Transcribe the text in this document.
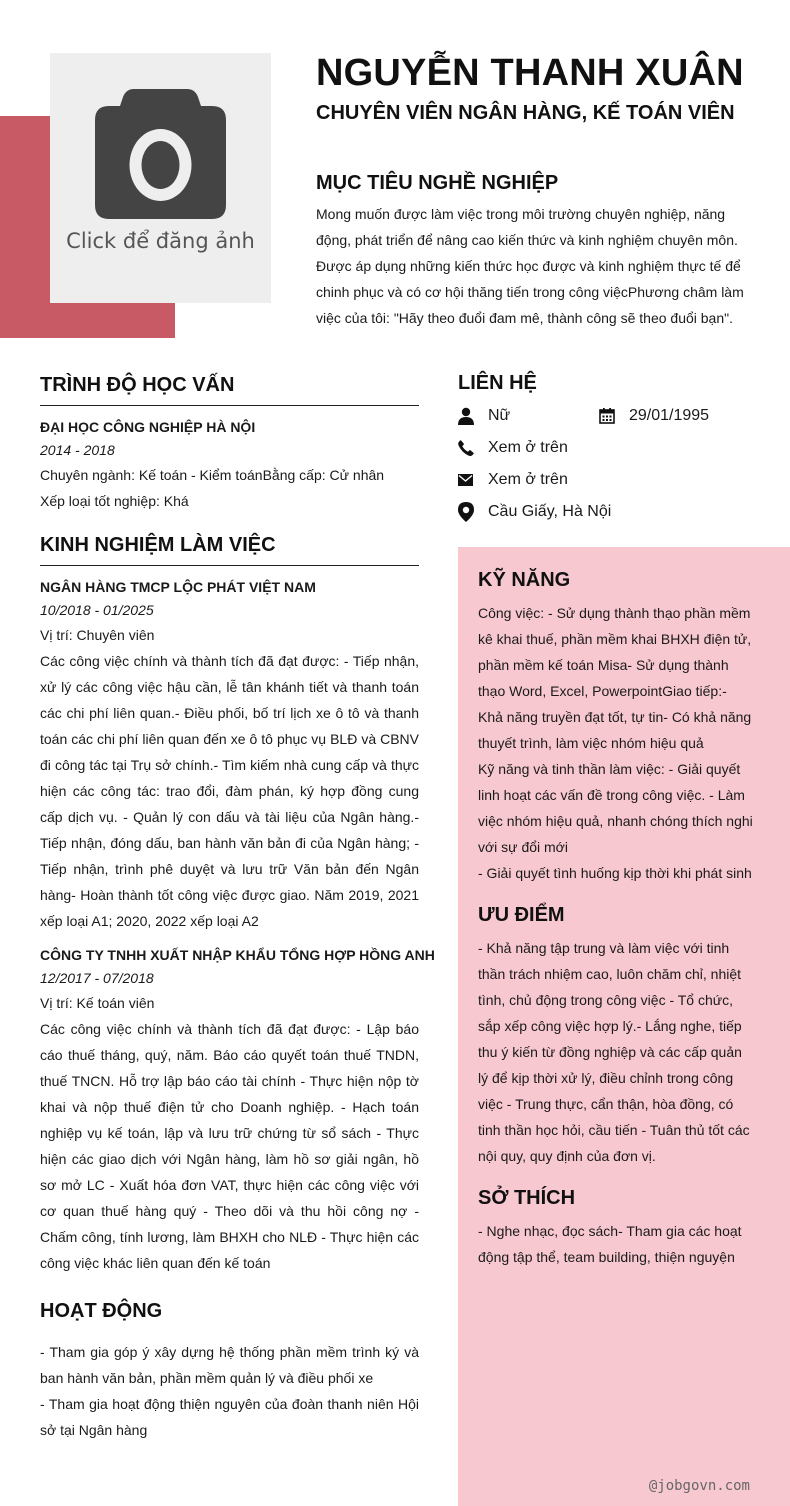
Click để đăng ảnh
NGUYỄN THANH XUÂN
CHUYÊN VIÊN NGÂN HÀNG, KẾ TOÁN VIÊN
MỤC TIÊU NGHỀ NGHIỆP

Mong muốn được làm việc trong môi trường chuyên nghiệp, năng động, phát triển để nâng cao kiến thức và kinh nghiệm chuyên môn. Được áp dụng những kiến thức học được và kinh nghiệm thực tế để chinh phục và có cơ hội thăng tiến trong công việcPhương châm làm việc của tôi: "Hãy theo đuổi đam mê, thành công sẽ theo đuổi bạn".

TRÌNH ĐỘ HỌC VẤN
ĐẠI HỌC CÔNG NGHIỆP HÀ NỘI
2014 - 2018
Chuyên ngành: Kế toán - Kiểm toánBằng cấp: Cử nhân
Xếp loại tốt nghiệp: Khá
KINH NGHIỆM LÀM VIỆC
NGÂN HÀNG TMCP LỘC PHÁT VIỆT NAM
10/2018 - 01/2025
Vị trí: Chuyên viên
Các công việc chính và thành tích đã đạt được: - Tiếp nhận, xử lý các công việc hậu cần, lễ tân khánh tiết và thanh toán các chi phí liên quan.- Điều phối, bố trí lịch xe ô tô và thanh toán các chi phí liên quan đến xe ô tô phục vụ BLĐ và CBNV đi công tác tại Trụ sở chính.- Tìm kiếm nhà cung cấp và thực hiện các công tác: trao đổi, đàm phán, ký hợp đồng cung cấp dịch vụ. - Quản lý con dấu và tài liệu của Ngân hàng.- Tiếp nhận, đóng dấu, ban hành văn bản đi của Ngân hàng; - Tiếp nhận, trình phê duyệt và lưu trữ Văn bản đến Ngân hàng- Hoàn thành tốt công việc được giao. Năm 2019, 2021 xếp loại A1; 2020, 2022 xếp loại A2
CÔNG TY TNHH XUẤT NHẬP KHẨU TỔNG HỢP HỒNG ANH
12/2017 - 07/2018
Vị trí: Kế toán viên
Các công việc chính và thành tích đã đạt được: - Lập báo cáo thuế tháng, quý, năm. Báo cáo quyết toán thuế TNDN, thuế TNCN. Hỗ trợ lập báo cáo tài chính - Thực hiện nộp tờ khai và nộp thuế điện tử cho Doanh nghiệp. - Hạch toán nghiệp vụ kế toán, lập và lưu trữ chứng từ sổ sách - Thực hiện các giao dịch với Ngân hàng, làm hồ sơ giải ngân, hồ sơ mở LC - Xuất hóa đơn VAT, thực hiện các công việc với cơ quan thuế hàng quý - Theo dõi và thu hồi công nợ - Chấm công, tính lương, làm BHXH cho NLĐ - Thực hiện các công việc khác liên quan đến kế toán
HOẠT ĐỘNG
- Tham gia góp ý xây dựng hệ thống phần mềm trình ký và ban hành văn bản, phần mềm quản lý và điều phối xe
- Tham gia hoạt động thiện nguyên của đoàn thanh niên Hội sở tại Ngân hàng
LIÊN HỆ
Nữ	29/01/1995
Xem ở trên
Xem ở trên
Cầu Giấy, Hà Nội
KỸ NĂNG
Công việc: - Sử dụng thành thạo phần mềm kê khai thuế, phần mềm khai BHXH điện tử, phần mềm kế toán Misa- Sử dụng thành thạo Word, Excel, PowerpointGiao tiếp:- Khả năng truyền đạt tốt, tự tin- Có khả năng thuyết trình, làm việc nhóm hiệu quả
Kỹ năng và tinh thần làm việc: - Giải quyết linh hoạt các vấn đề trong công việc. - Làm việc nhóm hiệu quả, nhanh chóng thích nghi với sự đổi mới
- Giải quyết tình huống kịp thời khi phát sinh
ƯU ĐIỂM
- Khả năng tập trung và làm việc với tinh thần trách nhiệm cao, luôn chăm chỉ, nhiệt tình, chủ động trong công việc - Tổ chức, sắp xếp công việc hợp lý.- Lắng nghe, tiếp thu ý kiến từ đồng nghiệp và các cấp quản lý để kịp thời xử lý, điều chỉnh trong công việc - Trung thực, cẩn thận, hòa đồng, có tinh thần học hỏi, cầu tiến - Tuân thủ tốt các nội quy, quy định của đơn vị.
SỞ THÍCH
- Nghe nhạc, đọc sách- Tham gia các hoạt động tập thể, team building, thiện nguyện
@jobgovn.com
